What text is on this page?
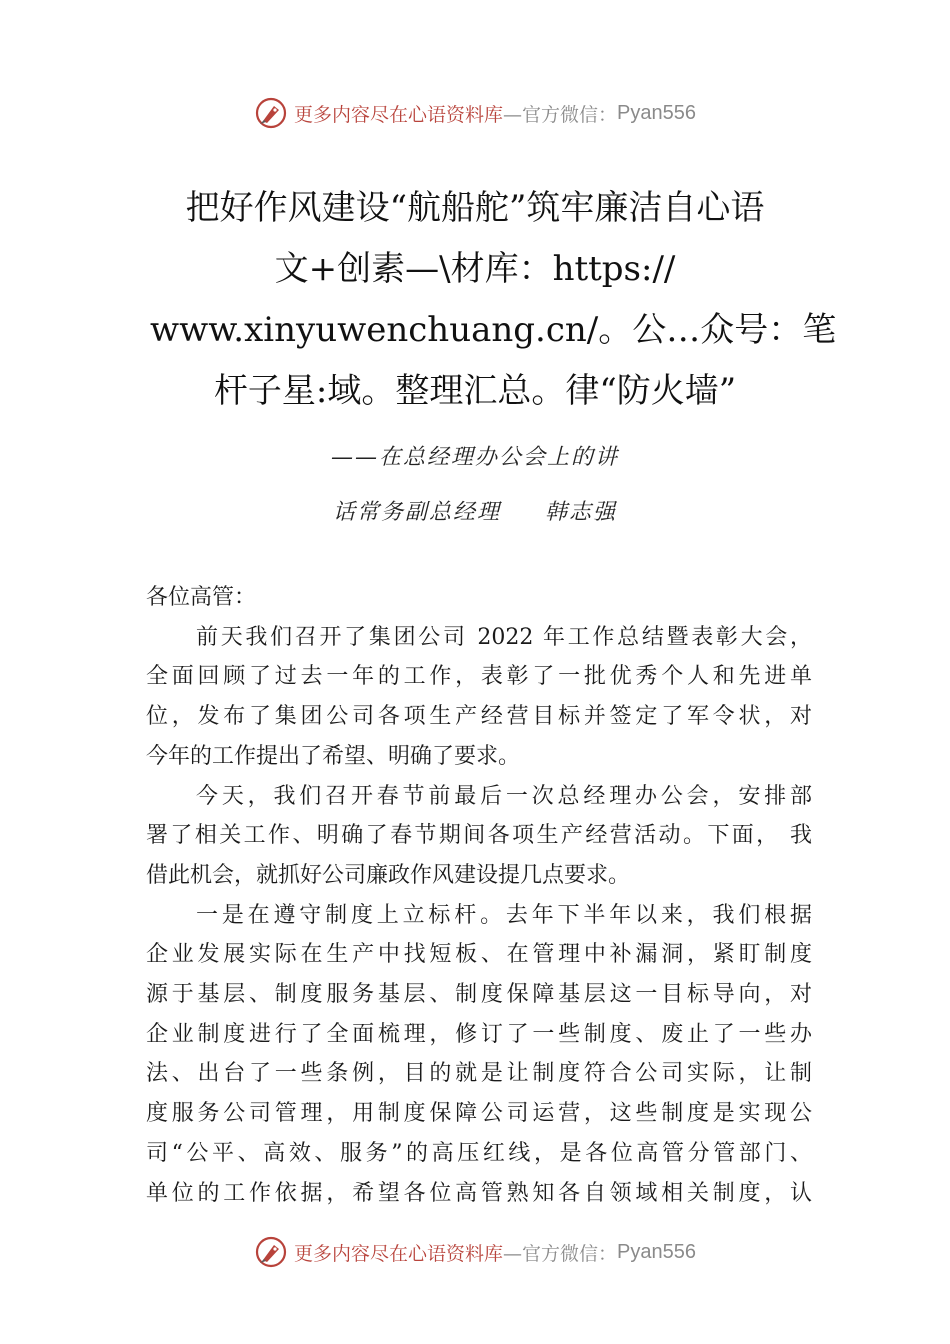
更多内容尽在心语资料库 —官方微信： Pyan556
把好作风建设“航船舵”筑牢廉洁自心语
文+创素—\材库：https://
www.xinyuwenchuang.cn/。公…众号：笔
杆子星:域。整理汇总。律“防火墙”
——在总经理办公会上的讲
话常务副总经理 韩志强
各位高管：
前天我们召开了集团公司 2022 年工作总结暨表彰大会，
全面回顾了过去一年的工作，表彰了一批优秀个人和先进单
位，发布了集团公司各项生产经营目标并签定了军令状，对
今年的工作提出了希望、明确了要求。
今天，我们召开春节前最后一次总经理办公会，安排部
署了相关工作、明确了春节期间各项生产经营活动。下面， 我
借此机会，就抓好公司廉政作风建设提几点要求。
一是在遵守制度上立标杆。去年下半年以来，我们根据
企业发展实际在生产中找短板、在管理中补漏洞，紧盯制度
源于基层、制度服务基层、制度保障基层这一目标导向，对
企业制度进行了全面梳理，修订了一些制度、废止了一些办
法、出台了一些条例，目的就是让制度符合公司实际，让制
度服务公司管理，用制度保障公司运营，这些制度是实现公
司“公平、高效、服务”的高压红线，是各位高管分管部门、
单位的工作依据，希望各位高管熟知各自领域相关制度，认
更多内容尽在心语资料库 —官方微信： Pyan556
